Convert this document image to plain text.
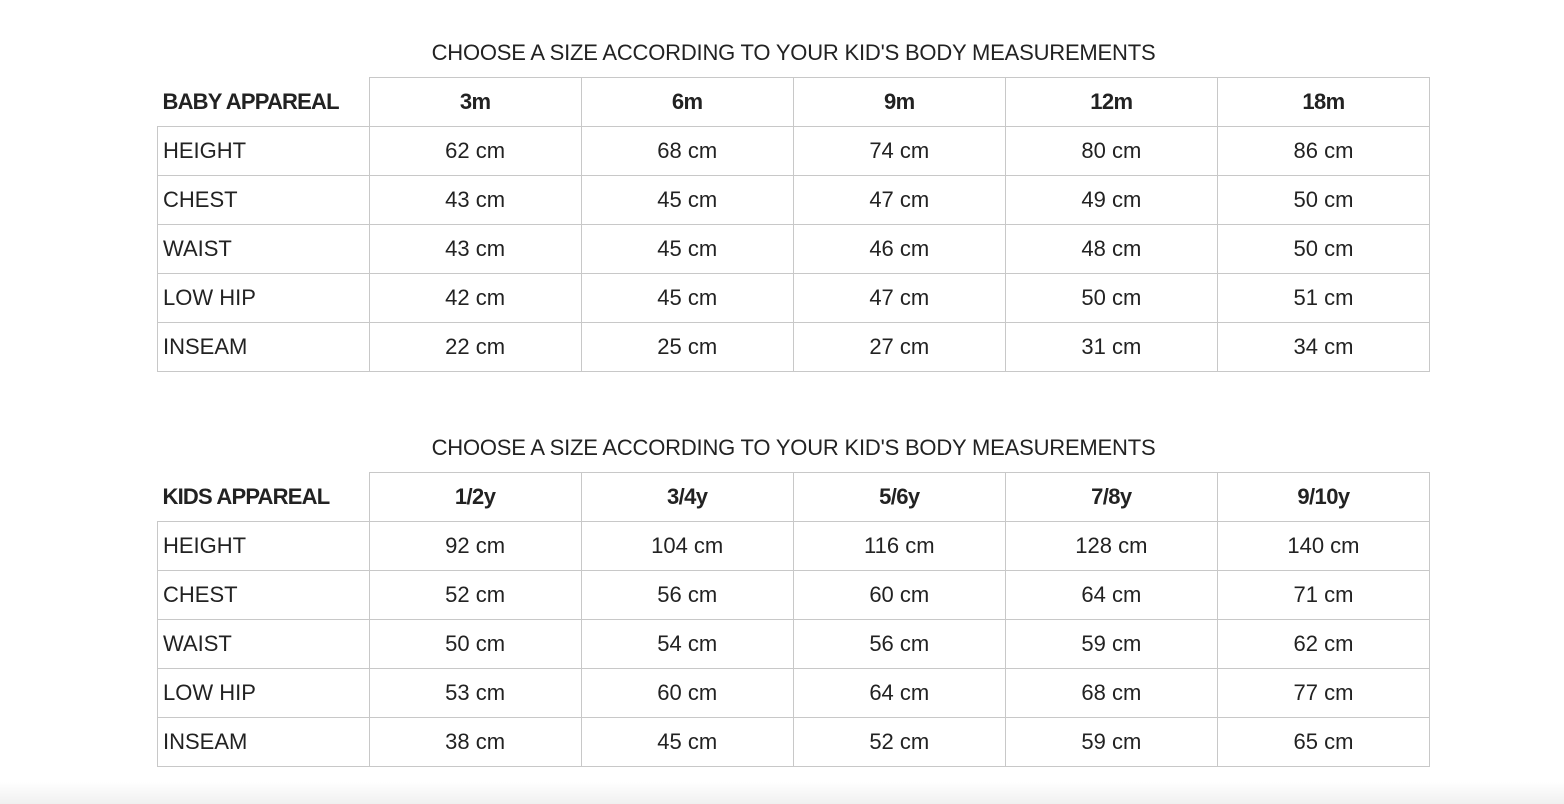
CHOOSE A SIZE ACCORDING TO YOUR KID'S BODY MEASUREMENTS
BABY APPAREAL	3m	6m	9m	12m	18m
HEIGHT	62 cm	68 cm	74 cm	80 cm	86 cm
CHEST	43 cm	45 cm	47 cm	49 cm	50 cm
WAIST	43 cm	45 cm	46 cm	48 cm	50 cm
LOW HIP	42 cm	45 cm	47 cm	50 cm	51 cm
INSEAM	22 cm	25 cm	27 cm	31 cm	34 cm
CHOOSE A SIZE ACCORDING TO YOUR KID'S BODY MEASUREMENTS
KIDS APPAREAL	1/2y	3/4y	5/6y	7/8y	9/10y
HEIGHT	92 cm	104 cm	116 cm	128 cm	140 cm
CHEST	52 cm	56 cm	60 cm	64 cm	71 cm
WAIST	50 cm	54 cm	56 cm	59 cm	62 cm
LOW HIP	53 cm	60 cm	64 cm	68 cm	77 cm
INSEAM	38 cm	45 cm	52 cm	59 cm	65 cm
